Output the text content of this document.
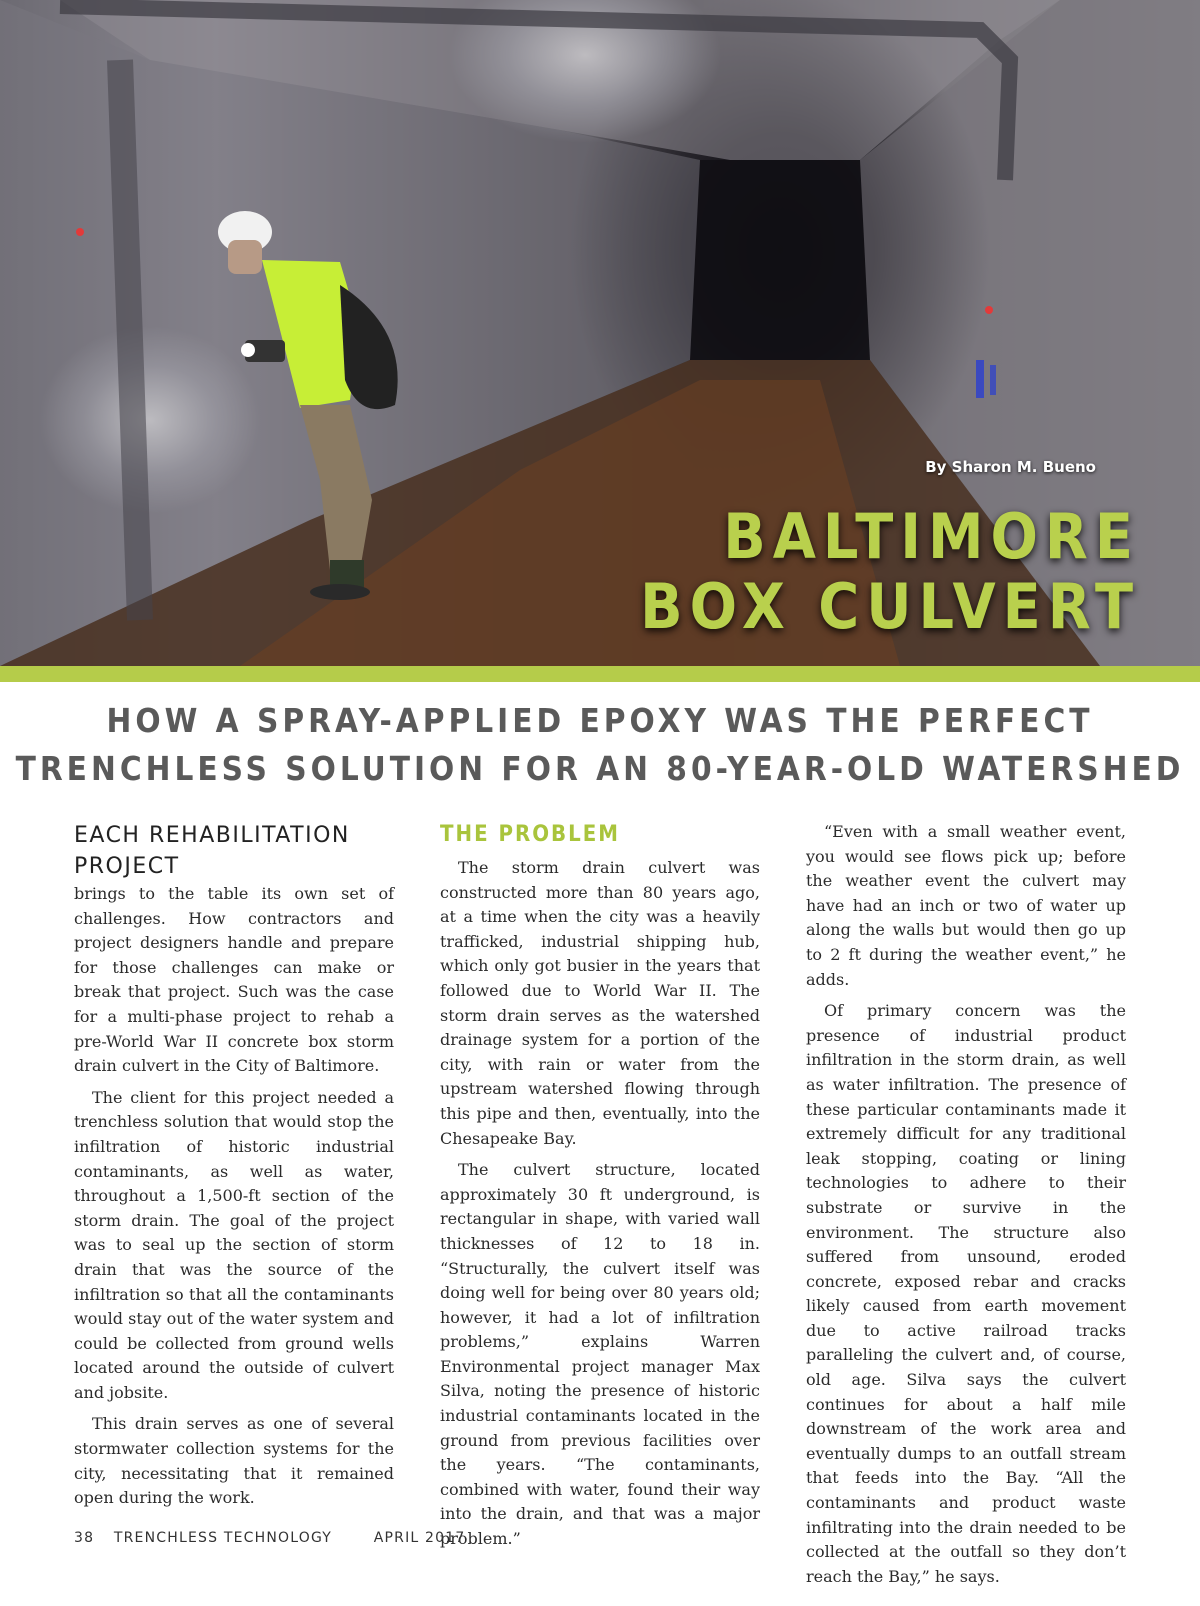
By Sharon M. Bueno
BALTIMORE
BOX CULVERT
HOW A SPRAY-APPLIED EPOXY WAS THE PERFECT
TRENCHLESS SOLUTION FOR AN 80-YEAR-OLD WATERSHED
EACH REHABILITATION PROJECT

brings to the table its own set of challenges. How contractors and project designers handle and prepare for those challenges can make or break that project. Such was the case for a multi-phase project to rehab a pre-World War II concrete box storm drain culvert in the City of Baltimore.

The client for this project needed a trenchless solution that would stop the infiltration of historic industrial contaminants, as well as water, throughout a 1,500-ft section of the storm drain. The goal of the project was to seal up the section of storm drain that was the source of the infiltration so that all the contaminants would stay out of the water system and could be collected from ground wells located around the outside of culvert and jobsite.

This drain serves as one of several stormwater collection systems for the city, necessitating that it remained open during the work.

THE PROBLEM

The storm drain culvert was constructed more than 80 years ago, at a time when the city was a heavily trafficked, industrial shipping hub, which only got busier in the years that followed due to World War II. The storm drain serves as the watershed drainage system for a portion of the city, with rain or water from the upstream watershed flowing through this pipe and then, eventually, into the Chesapeake Bay.

The culvert structure, located approximately 30 ft underground, is rectangular in shape, with varied wall thicknesses of 12 to 18 in. “Structurally, the culvert itself was doing well for being over 80 years old; however, it had a lot of infiltration problems,” explains Warren Environmental project manager Max Silva, noting the presence of historic industrial contaminants located in the ground from previous facilities over the years. “The contaminants, combined with water, found their way into the drain, and that was a major problem.”

“Even with a small weather event, you would see flows pick up; before the weather event the culvert may have had an inch or two of water up along the walls but would then go up to 2 ft during the weather event,” he adds.

Of primary concern was the presence of industrial product infiltration in the storm drain, as well as water infiltration. The presence of these particular contaminants made it extremely difficult for any traditional leak stopping, coating or lining technologies to adhere to their substrate or survive in the environment. The structure also suffered from unsound, eroded concrete, exposed rebar and cracks likely caused from earth movement due to active railroad tracks paralleling the culvert and, of course, old age. Silva says the culvert continues for about a half mile downstream of the work area and eventually dumps to an outfall stream that feeds into the Bay. “All the contaminants and product waste infiltrating into the drain needed to be collected at the outfall so they don’t reach the Bay,” he says.

38 TRENCHLESS TECHNOLOGY	APRIL 2017
